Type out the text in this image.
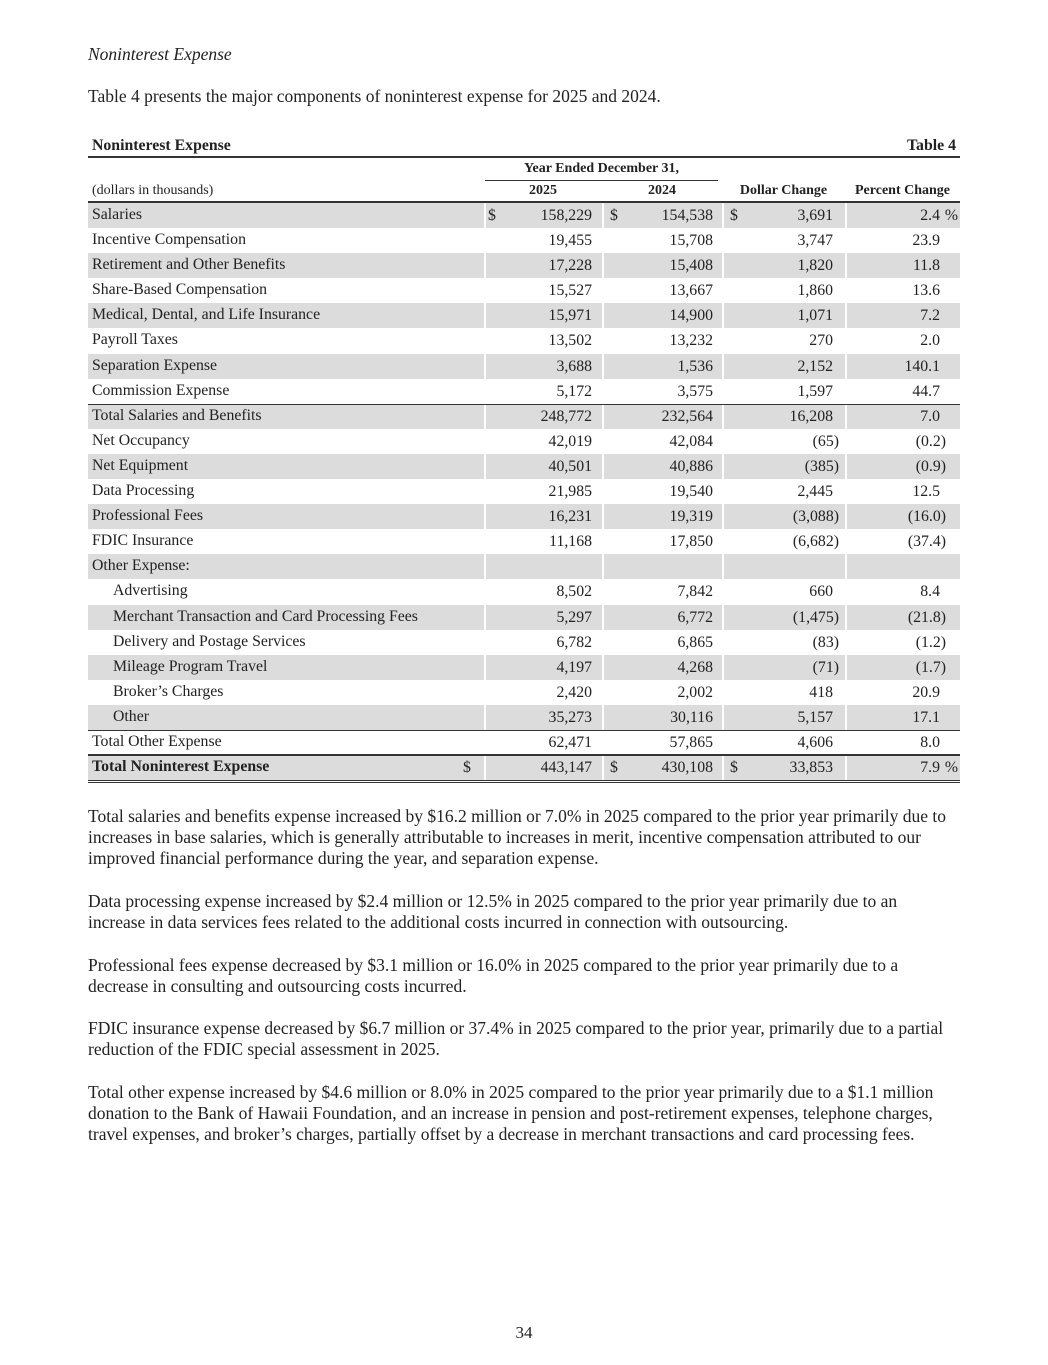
Noninterest Expense
Table 4 presents the major components of noninterest expense for 2025 and 2024.
Noninterest Expense	Table 4
Year Ended December 31,
(dollars in thousands)	2025	2024	Dollar Change	Percent Change
Salaries	$	158,229	$	154,538	$	3,691	2.4 %
Incentive Compensation	19,455	15,708	3,747	23.9
Retirement and Other Benefits	17,228	15,408	1,820	11.8
Share-Based Compensation	15,527	13,667	1,860	13.6
Medical, Dental, and Life Insurance	15,971	14,900	1,071	7.2
Payroll Taxes	13,502	13,232	270	2.0
Separation Expense	3,688	1,536	2,152	140.1
Commission Expense	5,172	3,575	1,597	44.7
Total Salaries and Benefits	248,772	232,564	16,208	7.0
Net Occupancy	42,019	42,084	(65)	(0.2)
Net Equipment	40,501	40,886	(385)	(0.9)
Data Processing	21,985	19,540	2,445	12.5
Professional Fees	16,231	19,319	(3,088)	(16.0)
FDIC Insurance	11,168	17,850	(6,682)	(37.4)
Other Expense:
Advertising	8,502	7,842	660	8.4
Merchant Transaction and Card Processing Fees	5,297	6,772	(1,475)	(21.8)
Delivery and Postage Services	6,782	6,865	(83)	(1.2)
Mileage Program Travel	4,197	4,268	(71)	(1.7)
Broker’s Charges	2,420	2,002	418	20.9
Other	35,273	30,116	5,157	17.1
Total Other Expense	62,471	57,865	4,606	8.0
Total Noninterest Expense	$	443,147	$	430,108	$	33,853	7.9 %

Total salaries and benefits expense increased by $16.2 million or 7.0% in 2025 compared to the prior year primarily due to
increases in base salaries, which is generally attributable to increases in merit, incentive compensation attributed to our
improved financial performance during the year, and separation expense.

Data processing expense increased by $2.4 million or 12.5% in 2025 compared to the prior year primarily due to an
increase in data services fees related to the additional costs incurred in connection with outsourcing.

Professional fees expense decreased by $3.1 million or 16.0% in 2025 compared to the prior year primarily due to a
decrease in consulting and outsourcing costs incurred.

FDIC insurance expense decreased by $6.7 million or 37.4% in 2025 compared to the prior year, primarily due to a partial
reduction of the FDIC special assessment in 2025.

Total other expense increased by $4.6 million or 8.0% in 2025 compared to the prior year primarily due to a $1.1 million
donation to the Bank of Hawaii Foundation, and an increase in pension and post-retirement expenses, telephone charges,
travel expenses, and broker’s charges, partially offset by a decrease in merchant transactions and card processing fees.

34
